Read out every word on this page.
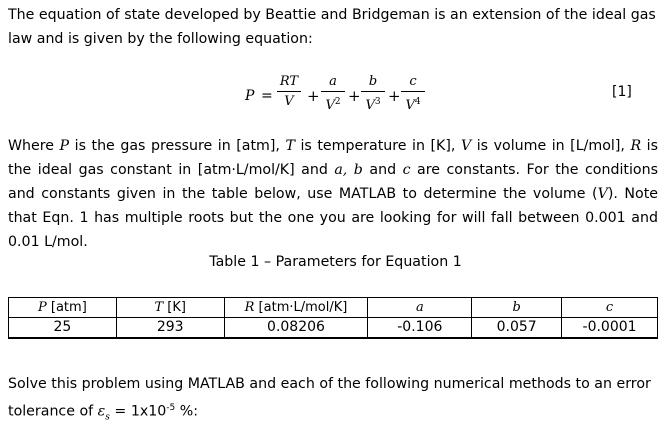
The equation of state developed by Beattie and Bridgeman is an extension of the ideal gas
law and is given by the following equation:
P =
RT
V +
a
$V^2$ +
b
$V^3$ +
c
$V^4$
[1]
Where P is the gas pressure in [atm], T is temperature in [K], V is volume in [L/mol], R is the ideal gas constant in [atm·L/mol/K] and a, b and c are constants. For the conditions and constants given in the table below, use MATLAB to determine the volume (V). Note that Eqn. 1 has multiple roots but the one you are looking for will fall between 0.001 and 0.01 L/mol.
Table 1 – Parameters for Equation 1
P [atm]	T [K]	R [atm·L/mol/K]	a	b	c
25	293	0.08206	-0.106	0.057	-0.0001
Solve this problem using MATLAB and each of the following numerical methods to an error
tolerance of $\varepsilon_s = 1x10^{-5}$ %:
